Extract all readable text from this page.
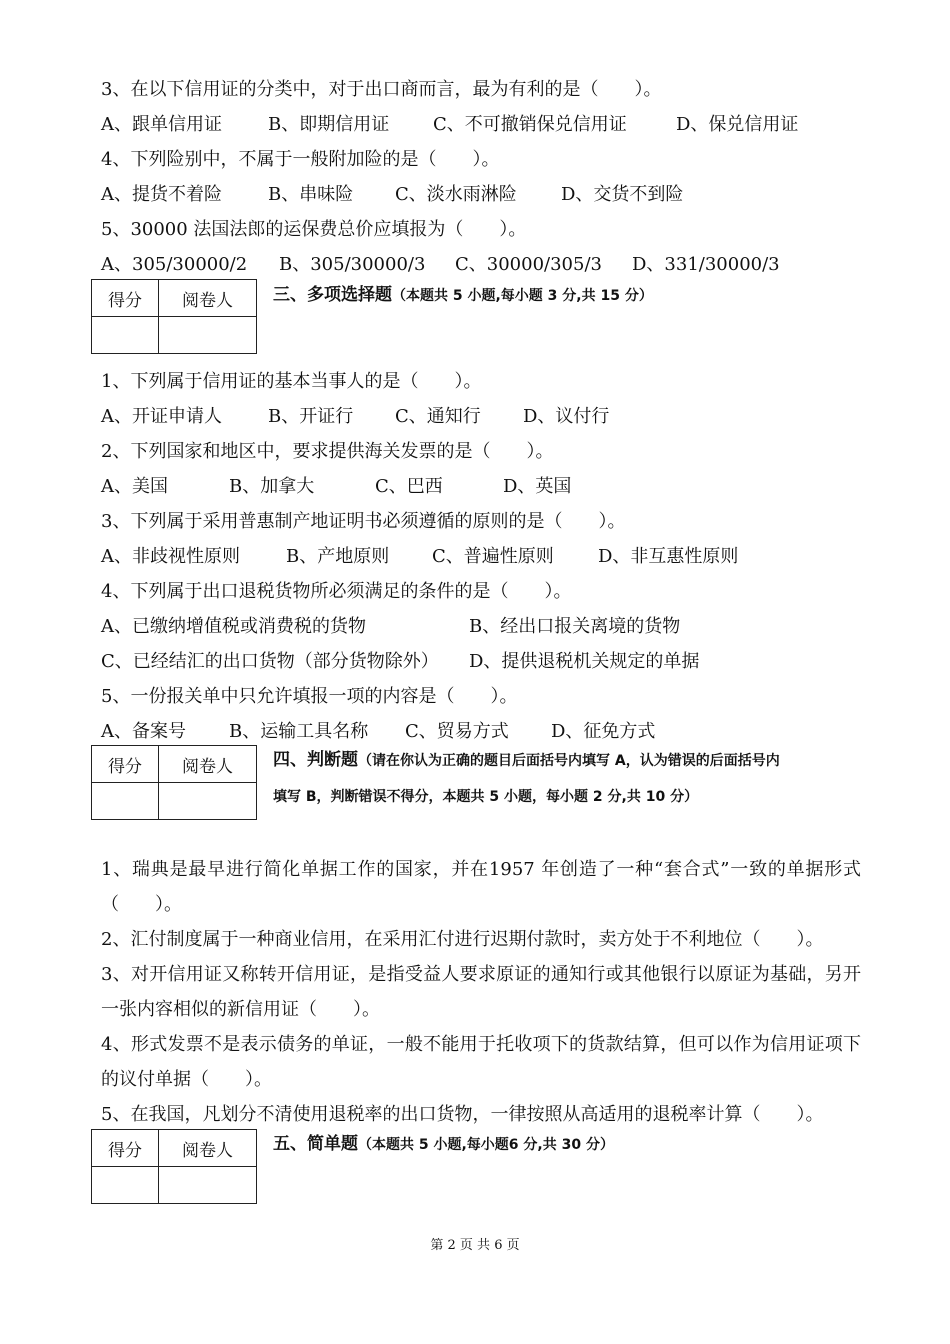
3、在以下信用证的分类中，对于出口商而言，最为有利的是（　　）。
A、跟单信用证	B、即期信用证 C、不可撤销保兑信用证	D、保兑信用证
4、下列险别中，不属于一般附加险的是（　　）。
A、提货不着险	B、串味险 C、淡水雨淋险 D、交货不到险
5、30000 法国法郎的运保费总价应填报为（　　）。
A、305/30000/2 B、305/30000/3 C、30000/305/3 D、331/30000/3
得分	阅卷人
	三、多项选择题（本题共 5 小题,每小题 3 分,共 15 分）
1、下列属于信用证的基本当事人的是（　　）。
A、开证申请人	B、开证行 C、通知行 D、议付行
2、下列国家和地区中，要求提供海关发票的是（　　）。
A、美国	B、加拿大	C、巴西	D、英国
3、下列属于采用普惠制产地证明书必须遵循的原则的是（　　）。
A、非歧视性原则	B、产地原则 C、普遍性原则 D、非互惠性原则
4、下列属于出口退税货物所必须满足的条件的是（　　）。
A、已缴纳增值税或消费税的货物	B、经出口报关离境的货物
C、已经结汇的出口货物（部分货物除外） D、提供退税机关规定的单据
5、一份报关单中只允许填报一项的内容是（　　）。
A、备案号 B、运输工具名称 C、贸易方式 D、征免方式
得分	阅卷人
	四、判断题（请在你认为正确的题目后面括号内填写 A，认为错误的后面括号内
填写 B，判断错误不得分，本题共 5 小题，每小题 2 分,共 10 分）
1、瑞典是最早进行简化单据工作的国家，并在1957 年创造了一种“套合式”一致的单据形式（　　）。
2、汇付制度属于一种商业信用，在采用汇付进行迟期付款时，卖方处于不利地位（　　）。
3、对开信用证又称转开信用证，是指受益人要求原证的通知行或其他银行以原证为基础，另开一张内容相似的新信用证（　　）。
4、形式发票不是表示债务的单证，一般不能用于托收项下的货款结算，但可以作为信用证项下的议付单据（　　）。
5、在我国，凡划分不清使用退税率的出口货物，一律按照从高适用的退税率计算（　　）。
得分	阅卷人
	五、简单题（本题共 5 小题,每小题6 分,共 30 分）
第 2 页 共 6 页
